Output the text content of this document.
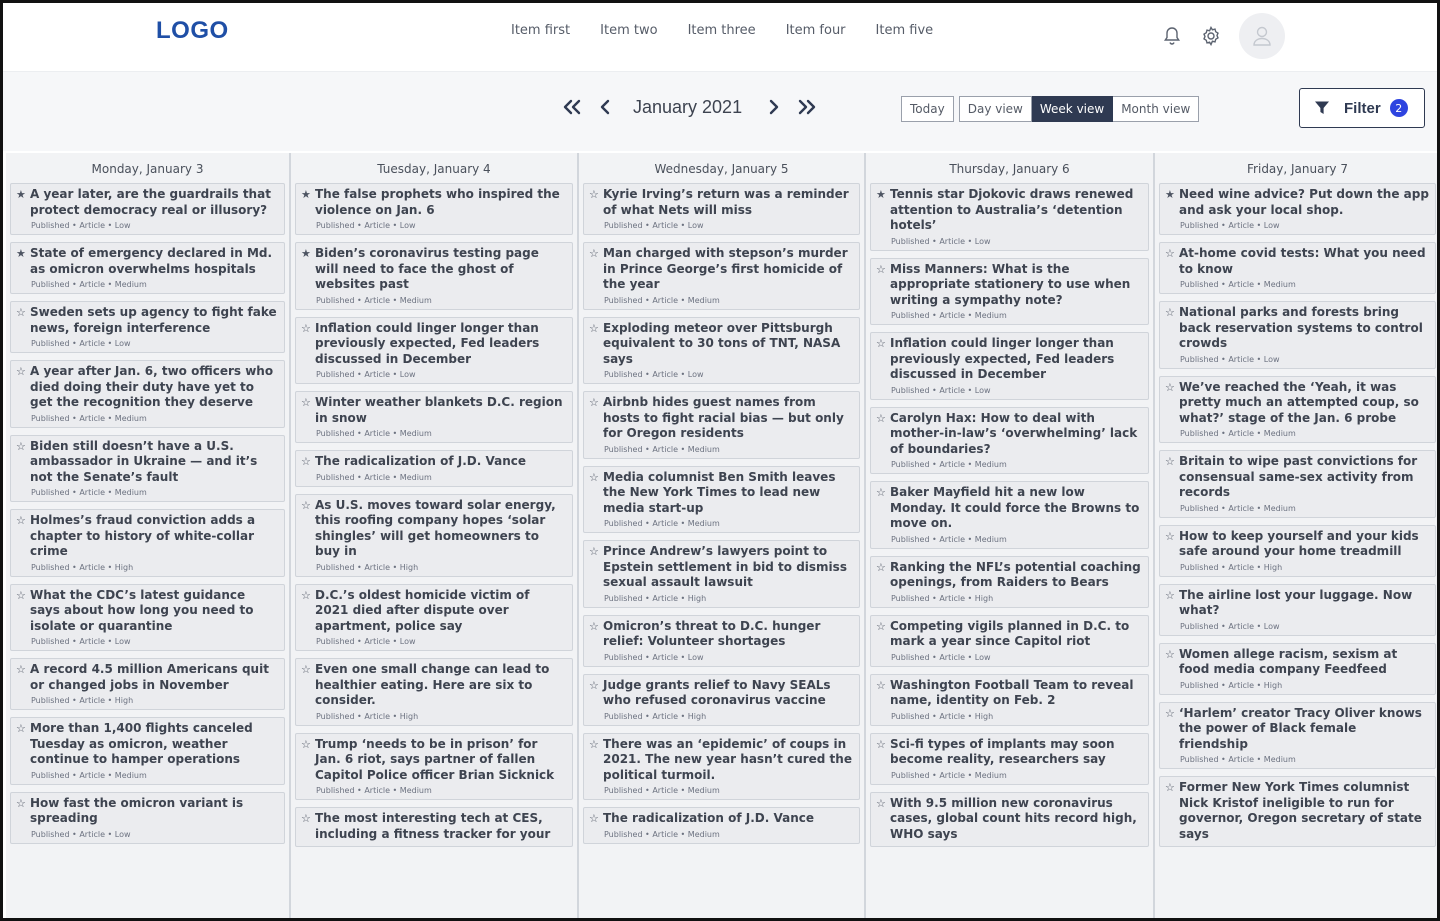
LOGO	Item first Item two Item three Item four Item five
January 2021	Today	Day view	Week view	Month view	Filter	2
Monday, January 3
★ A year later, are the guardrails that protect democracy real or illusory?
Published • Article • Low
★ State of emergency declared in Md. as omicron overwhelms hospitals
Published • Article • Medium
☆ Sweden sets up agency to fight fake news, foreign interference
Published • Article • Low
☆ A year after Jan. 6, two officers who died doing their duty have yet to get the recognition they deserve
Published • Article • Medium
☆ Biden still doesn’t have a U.S. ambassador in Ukraine — and it’s not the Senate’s fault
Published • Article • Medium
☆ Holmes’s fraud conviction adds a chapter to history of white-collar crime
Published • Article • High
☆ What the CDC’s latest guidance says about how long you need to isolate or quarantine
Published • Article • Low
☆ A record 4.5 million Americans quit or changed jobs in November
Published • Article • High
☆ More than 1,400 flights canceled Tuesday as omicron, weather continue to hamper operations
Published • Article • Medium
☆ How fast the omicron variant is spreading
Published • Article • Low
Tuesday, January 4
★ The false prophets who inspired the violence on Jan. 6
Published • Article • Low
★ Biden’s coronavirus testing page will need to face the ghost of websites past
Published • Article • Medium
☆ Inflation could linger longer than previously expected, Fed leaders discussed in December
Published • Article • Low
☆ Winter weather blankets D.C. region in snow
Published • Article • Medium
☆ The radicalization of J.D. Vance
Published • Article • Medium
☆ As U.S. moves toward solar energy, this roofing company hopes ‘solar shingles’ will get homeowners to buy in
Published • Article • High
☆ D.C.’s oldest homicide victim of 2021 died after dispute over apartment, police say
Published • Article • Low
☆ Even one small change can lead to healthier eating. Here are six to consider.
Published • Article • High
☆ Trump ‘needs to be in prison’ for Jan. 6 riot, says partner of fallen Capitol Police officer Brian Sicknick
Published • Article • Medium
☆ The most interesting tech at CES, including a fitness tracker for your
Wednesday, January 5
☆ Kyrie Irving’s return was a reminder of what Nets will miss
Published • Article • Low
☆ Man charged with stepson’s murder in Prince George’s first homicide of the year
Published • Article • Medium
☆ Exploding meteor over Pittsburgh equivalent to 30 tons of TNT, NASA says
Published • Article • Low
☆ Airbnb hides guest names from hosts to fight racial bias — but only for Oregon residents
Published • Article • Medium
☆ Media columnist Ben Smith leaves the New York Times to lead new media start-up
Published • Article • Medium
☆ Prince Andrew’s lawyers point to Epstein settlement in bid to dismiss sexual assault lawsuit
Published • Article • High
☆ Omicron’s threat to D.C. hunger relief: Volunteer shortages
Published • Article • Low
☆ Judge grants relief to Navy SEALs who refused coronavirus vaccine
Published • Article • High
☆ There was an ‘epidemic’ of coups in 2021. The new year hasn’t cured the political turmoil.
Published • Article • Medium
☆ The radicalization of J.D. Vance
Published • Article • Medium
Thursday, January 6
★ Tennis star Djokovic draws renewed attention to Australia’s ‘detention hotels’
Published • Article • Low
☆ Miss Manners: What is the appropriate stationery to use when writing a sympathy note?
Published • Article • Medium
☆ Inflation could linger longer than previously expected, Fed leaders discussed in December
Published • Article • Low
☆ Carolyn Hax: How to deal with mother-in-law’s ‘overwhelming’ lack of boundaries?
Published • Article • Medium
☆ Baker Mayfield hit a new low Monday. It could force the Browns to move on.
Published • Article • Medium
☆ Ranking the NFL’s potential coaching openings, from Raiders to Bears
Published • Article • High
☆ Competing vigils planned in D.C. to mark a year since Capitol riot
Published • Article • Low
☆ Washington Football Team to reveal name, identity on Feb. 2
Published • Article • High
☆ Sci-fi types of implants may soon become reality, researchers say
Published • Article • Medium
☆ With 9.5 million new coronavirus cases, global count hits record high, WHO says
Friday, January 7
★ Need wine advice? Put down the app and ask your local shop.
Published • Article • Low
☆ At-home covid tests: What you need to know
Published • Article • Medium
☆ National parks and forests bring back reservation systems to control crowds
Published • Article • Low
☆ We’ve reached the ‘Yeah, it was pretty much an attempted coup, so what?’ stage of the Jan. 6 probe
Published • Article • Medium
☆ Britain to wipe past convictions for consensual same-sex activity from records
Published • Article • Medium
☆ How to keep yourself and your kids safe around your home treadmill
Published • Article • High
☆ The airline lost your luggage. Now what?
Published • Article • Low
☆ Women allege racism, sexism at food media company Feedfeed
Published • Article • High
☆ ‘Harlem’ creator Tracy Oliver knows the power of Black female friendship
Published • Article • Medium
☆ Former New York Times columnist Nick Kristof ineligible to run for governor, Oregon secretary of state says
